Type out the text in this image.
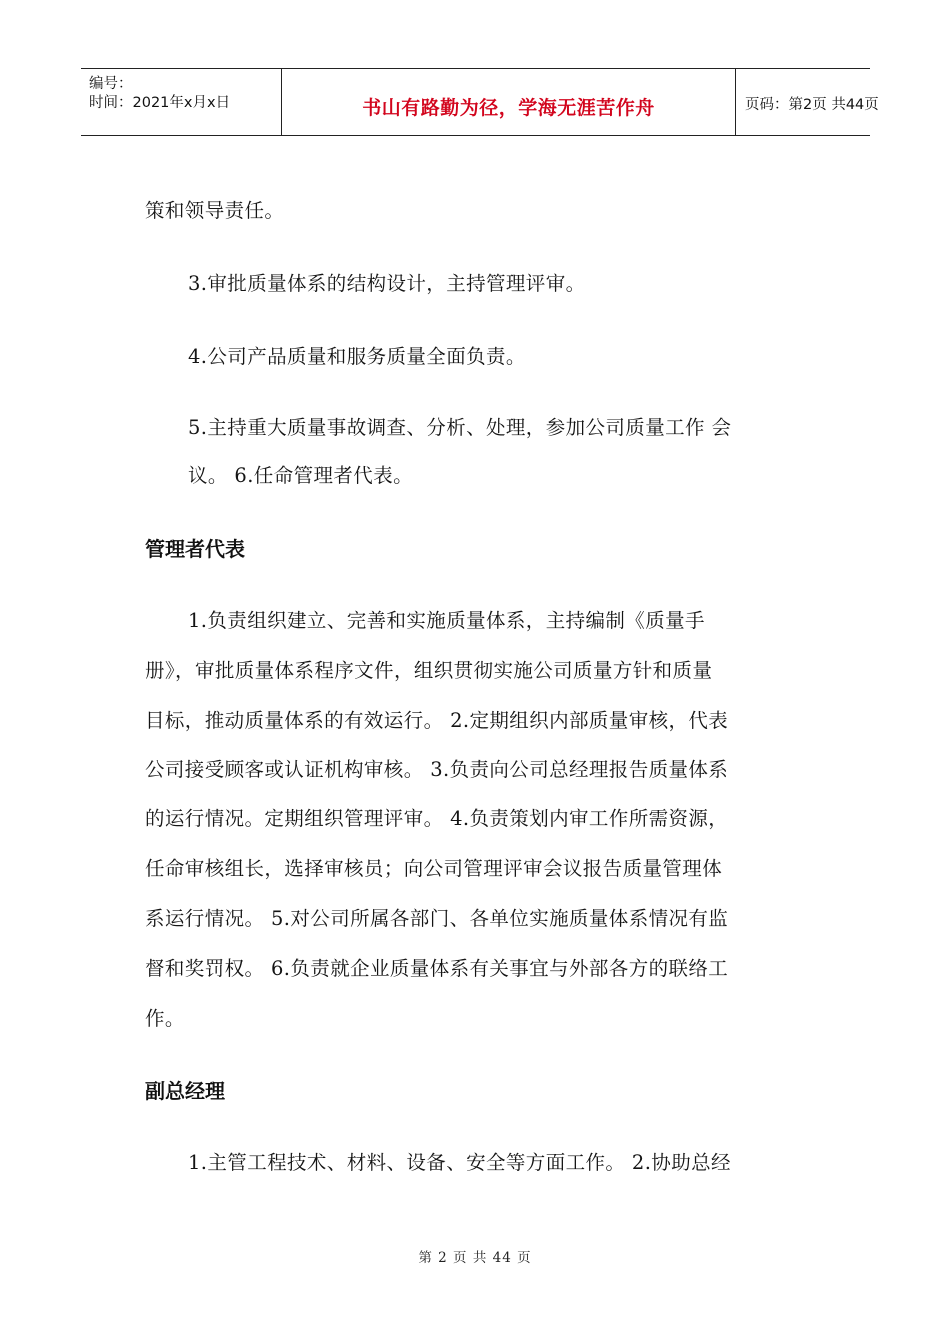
编号：
时间：2021年x月x日	书山有路勤为径，学海无涯苦作舟	页码：第2页 共44页
策和领导责任。
3.审批质量体系的结构设计，主持管理评审。
4.公司产品质量和服务质量全面负责。
5.主持重大质量事故调查、分析、处理，参加公司质量工作 会
议。 6.任命管理者代表。
管理者代表
1.负责组织建立、完善和实施质量体系，主持编制《质量手
册》，审批质量体系程序文件，组织贯彻实施公司质量方针和质量
目标，推动质量体系的有效运行。 2.定期组织内部质量审核，代表
公司接受顾客或认证机构审核。 3.负责向公司总经理报告质量体系
的运行情况。定期组织管理评审。 4.负责策划内审工作所需资源，
任命审核组长，选择审核员；向公司管理评审会议报告质量管理体
系运行情况。 5.对公司所属各部门、各单位实施质量体系情况有监
督和奖罚权。 6.负责就企业质量体系有关事宜与外部各方的联络工
作。
副总经理
1.主管工程技术、材料、设备、安全等方面工作。 2.协助总经
第 2 页 共 44 页
